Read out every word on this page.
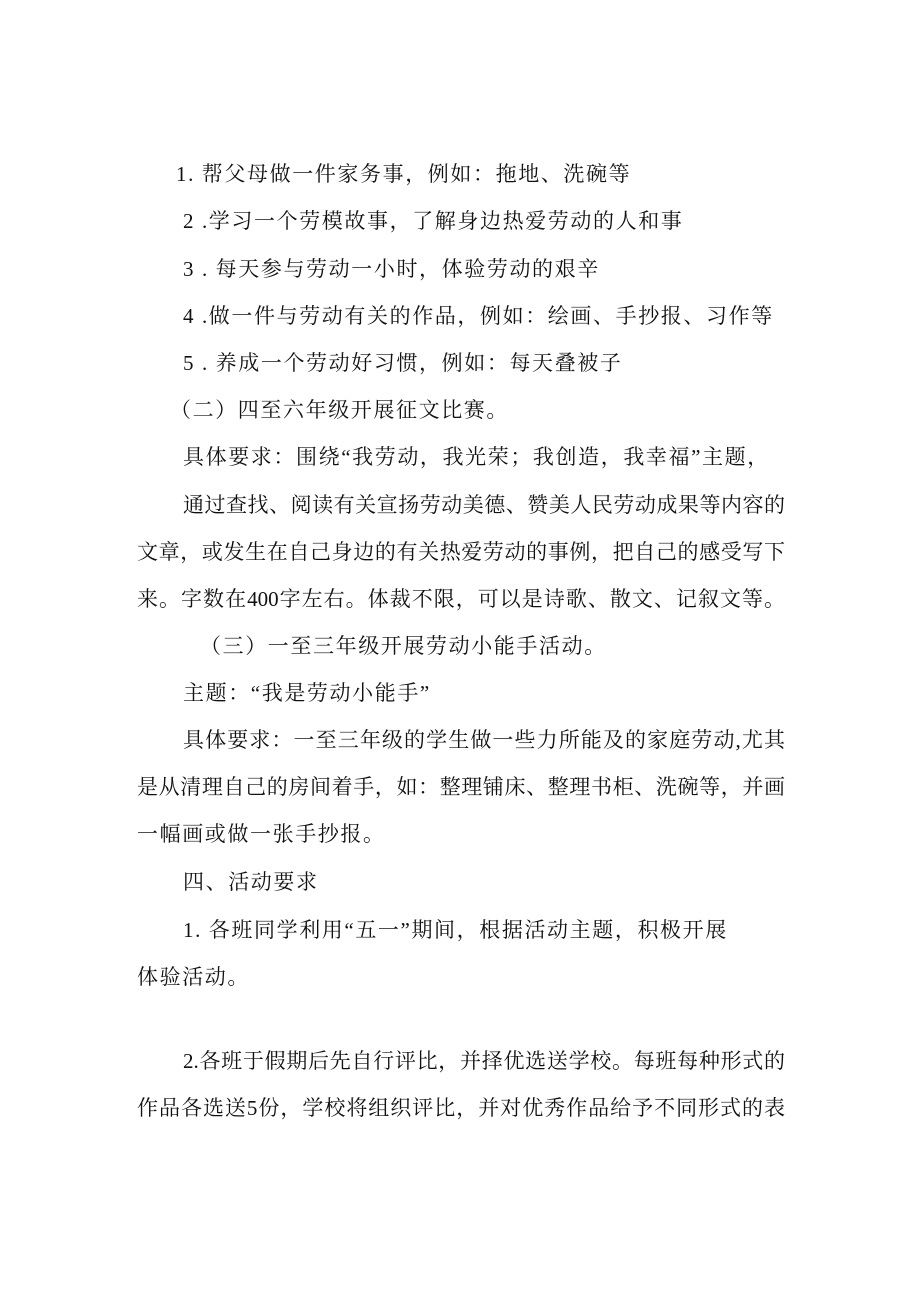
1. 帮父母做一件家务事，例如：拖地、洗碗等
2 .学习一个劳模故事，了解身边热爱劳动的人和事
3 . 每天参与劳动一小时，体验劳动的艰辛
4 .做一件与劳动有关的作品，例如：绘画、手抄报、习作等
5 . 养成一个劳动好习惯，例如：每天叠被子
（二）四至六年级开展征文比赛。
具体要求：围绕“我劳动，我光荣；我创造，我幸福”主题，
通过查找、阅读有关宣扬劳动美德、赞美人民劳动成果等内容的
文章，或发生在自己身边的有关热爱劳动的事例，把自己的感受写下
来。字数在400字左右。体裁不限，可以是诗歌、散文、记叙文等。
（三）一至三年级开展劳动小能手活动。
主题：“我是劳动小能手”
具体要求：一至三年级的学生做一些力所能及的家庭劳动,尤其
是从清理自己的房间着手，如：整理铺床、整理书柜、洗碗等，并画
一幅画或做一张手抄报。
四、活动要求
1. 各班同学利用“五一”期间，根据活动主题，积极开展
体验活动。
2.各班于假期后先自行评比，并择优选送学校。每班每种形式的
作品各选送5份，学校将组织评比，并对优秀作品给予不同形式的表
